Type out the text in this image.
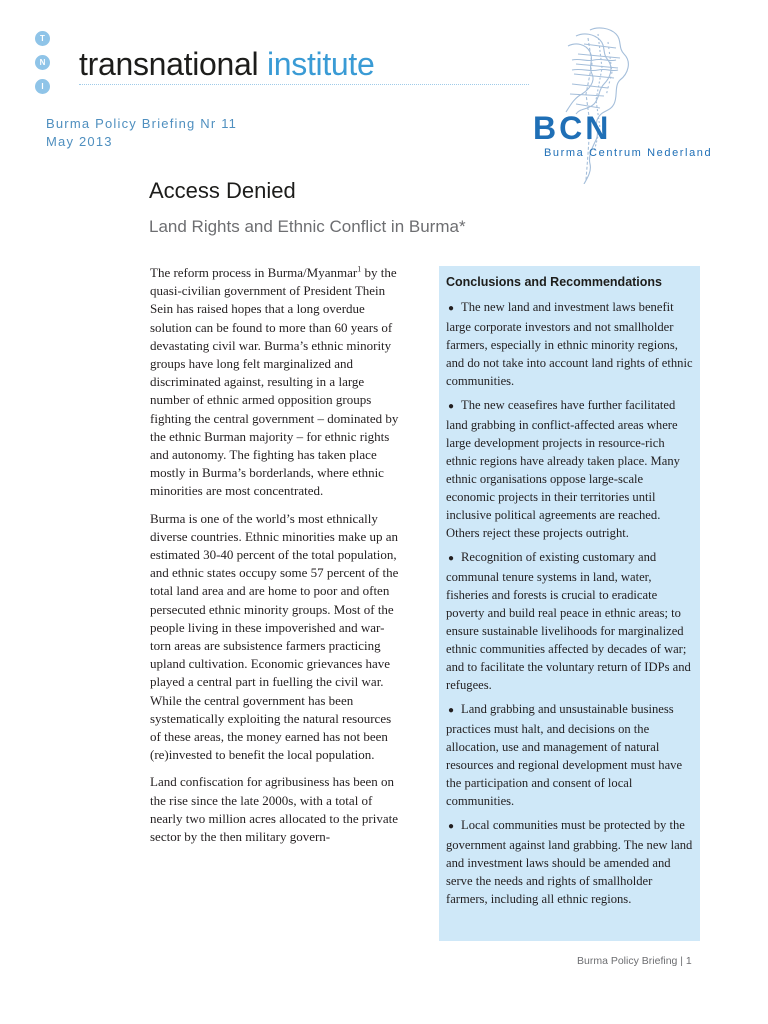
T
N
I
transnational institute
Burma Policy Briefing Nr 11
May 2013	BCN
Burma Centrum Nederland
Access Denied
Land Rights and Ethnic Conflict in Burma*

The reform process in Burma/Myanmar$^1$ by the quasi-civilian government of President Thein Sein has raised hopes that a long overdue solution can be found to more than 60 years of devastating civil war. Burma’s ethnic minority groups have long felt marginalized and discriminated against, resulting in a large number of ethnic armed opposition groups fighting the central government – dominated by the ethnic Burman majority – for ethnic rights and autonomy. The fighting has taken place mostly in Burma’s borderlands, where ethnic minorities are most concentrated.

Burma is one of the world’s most ethnically diverse countries. Ethnic minorities make up an estimated 30-40 percent of the total population, and ethnic states occupy some 57 percent of the total land area and are home to poor and often persecuted ethnic minority groups. Most of the people living in these impoverished and war-torn areas are subsistence farmers practicing upland cultivation. Economic grievances have played a central part in fuelling the civil war. While the central government has been systematically exploiting the natural resources of these areas, the money earned has not been (re)invested to benefit the local population.

Land confiscation for agribusiness has been on the rise since the late 2000s, with a total of nearly two million acres allocated to the private sector by the then military govern-

Conclusions and Recommendations
● The new land and investment laws benefit large corporate investors and not smallholder farmers, especially in ethnic minority regions, and do not take into account land rights of ethnic communities.
● The new ceasefires have further facilitated land grabbing in conflict-affected areas where large development projects in resource-rich ethnic regions have already taken place. Many ethnic organisations oppose large-scale economic projects in their territories until inclusive political agreements are reached. Others reject these projects outright.
● Recognition of existing customary and communal tenure systems in land, water, fisheries and forests is crucial to eradicate poverty and build real peace in ethnic areas; to ensure sustainable livelihoods for marginalized ethnic communities affected by decades of war; and to facilitate the voluntary return of IDPs and refugees.
● Land grabbing and unsustainable business practices must halt, and decisions on the allocation, use and management of natural resources and regional development must have the participation and consent of local communities.
● Local communities must be protected by the government against land grabbing. The new land and investment laws should be amended and serve the needs and rights of smallholder farmers, including all ethnic regions.
Burma Policy Briefing | 1
